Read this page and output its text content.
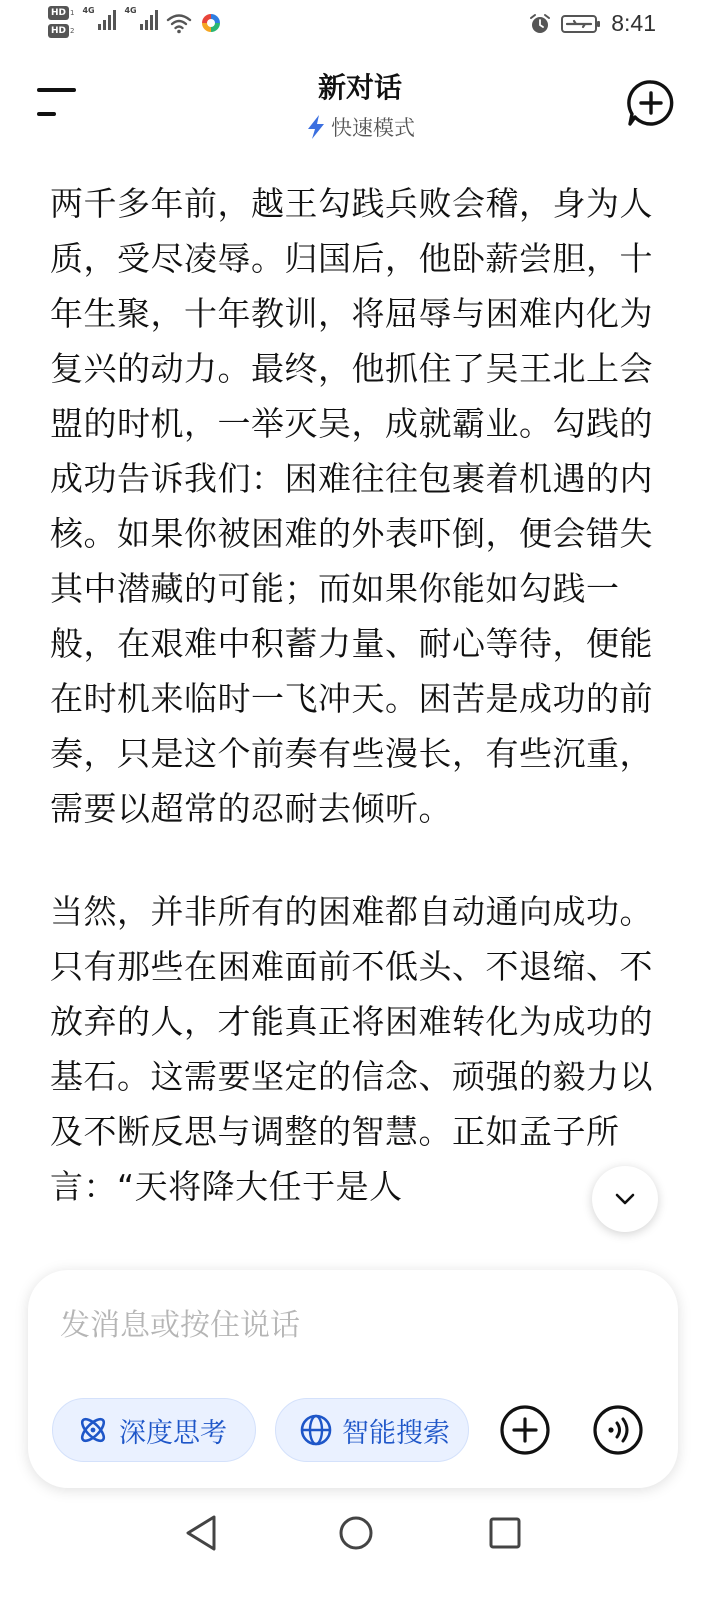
HD 1
HD 2
4G	4G	8:41
新对话
快速模式

两千多年前，越王勾践兵败会稽，身为人质，受尽凌辱。归国后，他卧薪尝胆，十年生聚，十年教训，将屈辱与困难内化为复兴的动力。最终，他抓住了吴王北上会盟的时机，一举灭吴，成就霸业。勾践的成功告诉我们：困难往往包裹着机遇的内核。如果你被困难的外表吓倒，便会错失其中潜藏的可能；而如果你能如勾践一般，在艰难中积蓄力量、耐心等待，便能在时机来临时一飞冲天。困苦是成功的前奏，只是这个前奏有些漫长，有些沉重，需要以超常的忍耐去倾听。

当然，并非所有的困难都自动通向成功。只有那些在困难面前不低头、不退缩、不放弃的人，才能真正将困难转化为成功的基石。这需要坚定的信念、顽强的毅力以及不断反思与调整的智慧。正如孟子所言：“天将降大任于是人

发消息或按住说话
深度思考	智能搜索
